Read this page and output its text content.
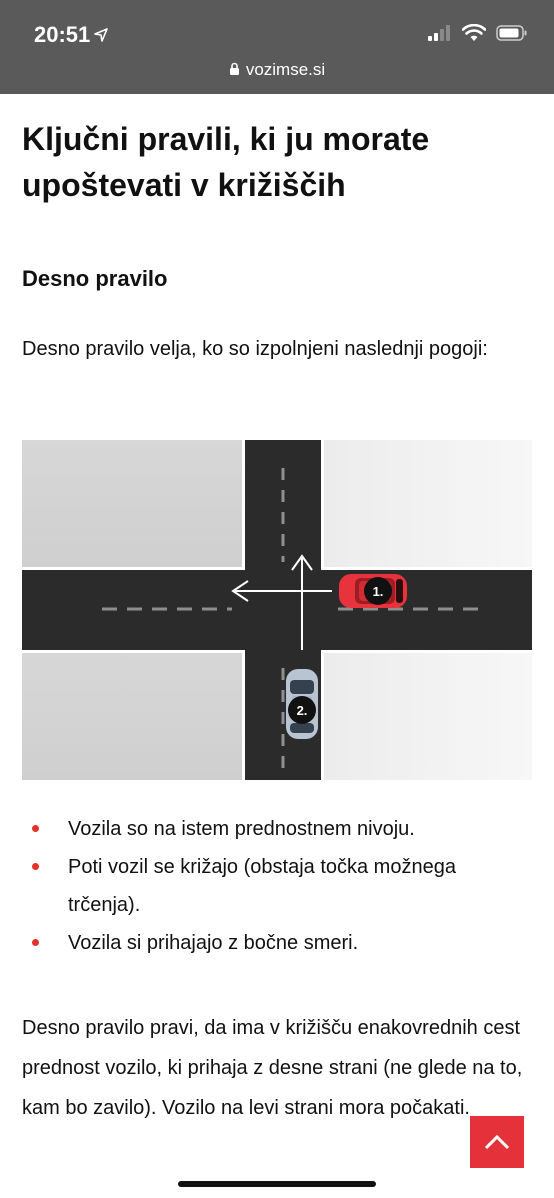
20:51
vozimse.si
Ključni pravili, ki ju morate upoštevati v križiščih
Desno pravilo
Desno pravilo velja, ko so izpolnjeni naslednji pogoji:
1.
2.
Vozila so na istem prednostnem nivoju.
Poti vozil se križajo (obstaja točka možnega trčenja).
Vozila si prihajajo z bočne smeri.
Desno pravilo pravi, da ima v križišču enakovrednih cest prednost vozilo, ki prihaja z desne strani (ne glede na to, kam bo zavilo). Vozilo na levi strani mora počakati.
